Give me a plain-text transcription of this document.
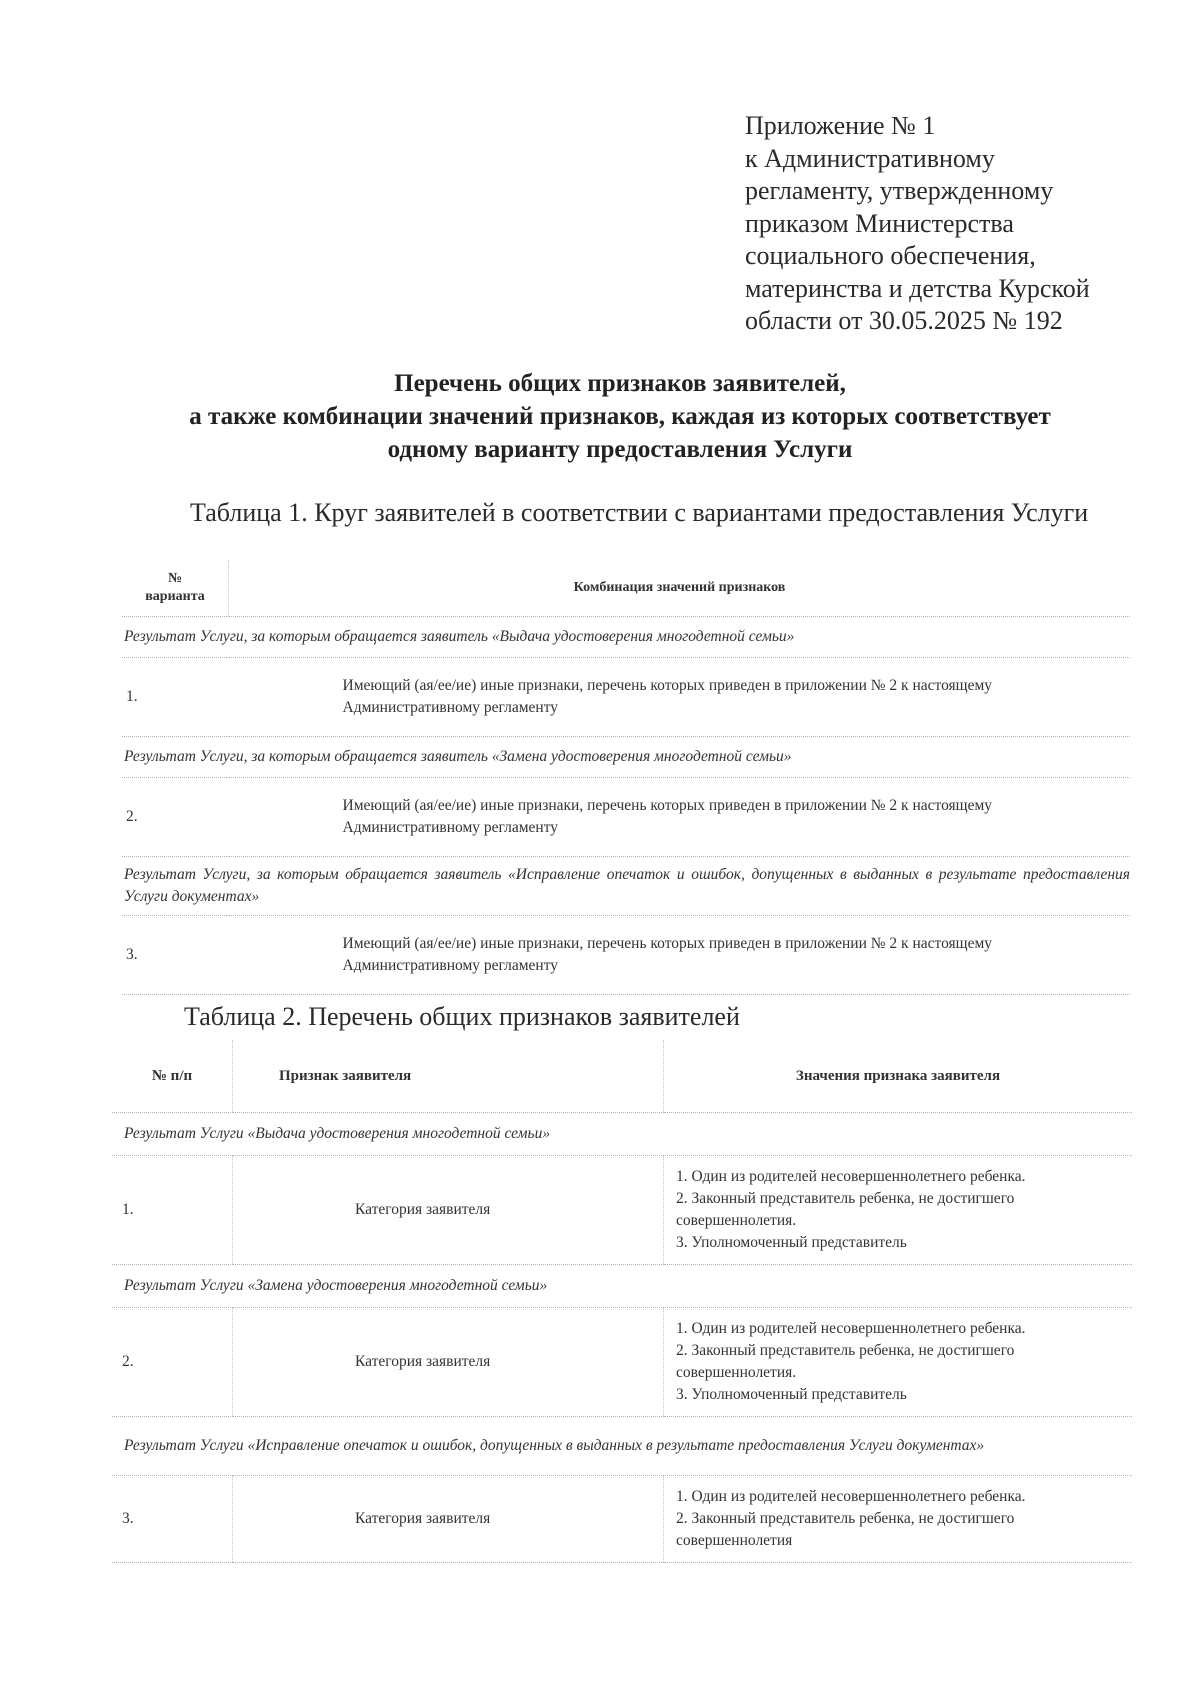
Приложение № 1
к Административному
регламенту, утвержденному
приказом Министерства
социального обеспечения,
материнства и детства Курской
области от 30.05.2025 № 192
Перечень общих признаков заявителей,
а также комбинации значений признаков, каждая из которых соответствует
одному варианту предоставления Услуги
Таблица 1. Круг заявителей в соответствии с вариантами предоставления Услуги
№
варианта	Комбинация значений признаков
Результат Услуги, за которым обращается заявитель «Выдача удостоверения многодетной семьи»	
1.	Имеющий (ая/ее/ие) иные признаки, перечень которых приведен в приложении № 2 к настоящему Административному регламенту
Результат Услуги, за которым обращается заявитель «Замена удостоверения многодетной семьи»	
2.	Имеющий (ая/ее/ие) иные признаки, перечень которых приведен в приложении № 2 к настоящему Административному регламенту
Результат Услуги, за которым обращается заявитель «Исправление опечаток и ошибок, допущенных в выданных в результате предоставления Услуги документах»	
3.	Имеющий (ая/ее/ие) иные признаки, перечень которых приведен в приложении № 2 к настоящему Административному регламенту
Таблица 2. Перечень общих признаков заявителей
№ п/п	Признак заявителя	Значения признака заявителя
Результат Услуги «Выдача удостоверения многодетной семьи»		
1.	Категория заявителя	1. Один из родителей несовершеннолетнего ребенка.
2. Законный представитель ребенка, не достигшего
совершеннолетия.
3. Уполномоченный представитель

Результат Услуги «Замена удостоверения многодетной семьи»		
2.	Категория заявителя	1. Один из родителей несовершеннолетнего ребенка.
2. Законный представитель ребенка, не достигшего
совершеннолетия.
3. Уполномоченный представитель

Результат Услуги «Исправление опечаток и ошибок, допущенных в выданных в результате предоставления Услуги документах»		
3.	Категория заявителя	1. Один из родителей несовершеннолетнего ребенка.
2. Законный представитель ребенка, не достигшего
совершеннолетия
